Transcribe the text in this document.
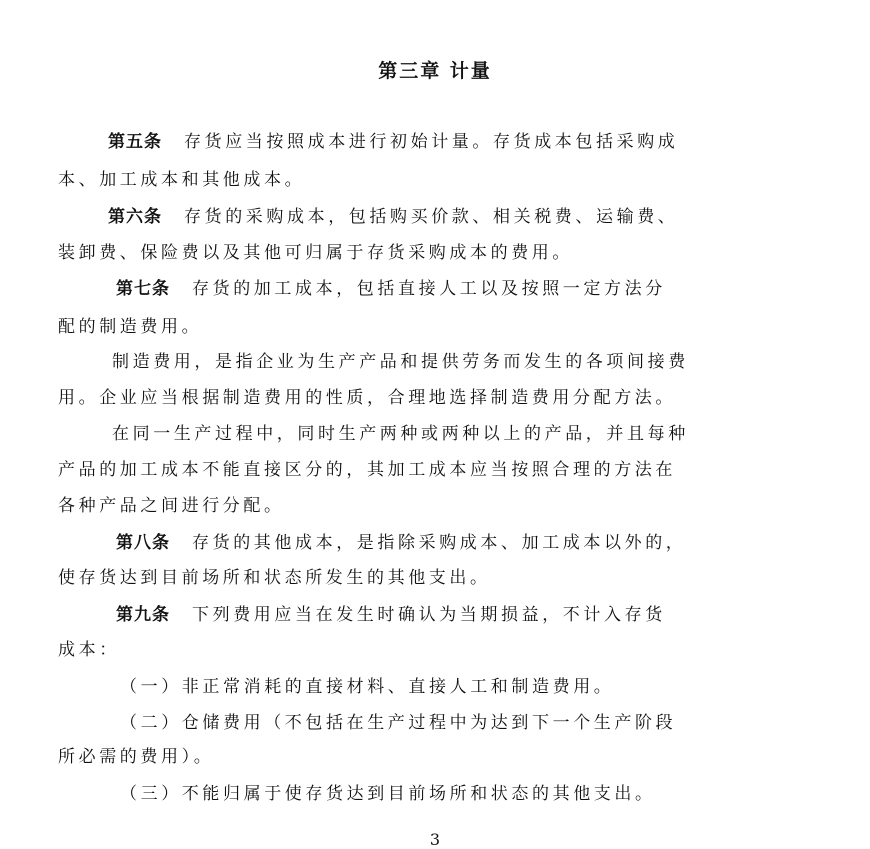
第三章 计量
第五条 存货应当按照成本进行初始计量。存货成本包括采购成
本、加工成本和其他成本。
第六条 存货的采购成本，包括购买价款、相关税费、运输费、
装卸费、保险费以及其他可归属于存货采购成本的费用。
第七条 存货的加工成本，包括直接人工以及按照一定方法分
配的制造费用。
制造费用，是指企业为生产产品和提供劳务而发生的各项间接费
用。企业应当根据制造费用的性质，合理地选择制造费用分配方法。
在同一生产过程中，同时生产两种或两种以上的产品，并且每种
产品的加工成本不能直接区分的，其加工成本应当按照合理的方法在
各种产品之间进行分配。
第八条 存货的其他成本，是指除采购成本、加工成本以外的，
使存货达到目前场所和状态所发生的其他支出。
第九条 下列费用应当在发生时确认为当期损益，不计入存货
成本：
（一）非正常消耗的直接材料、直接人工和制造费用。
（二）仓储费用（不包括在生产过程中为达到下一个生产阶段
所必需的费用）。
（三）不能归属于使存货达到目前场所和状态的其他支出。
3
